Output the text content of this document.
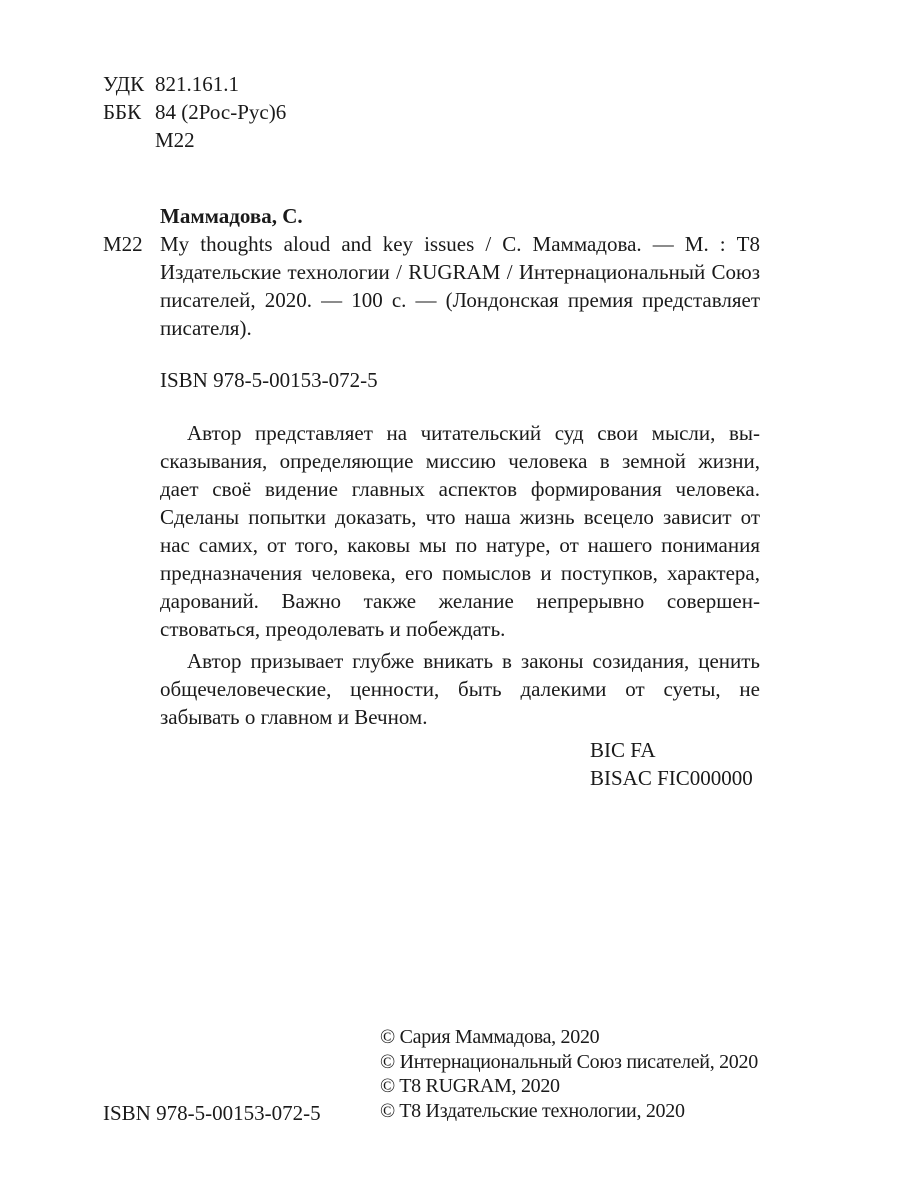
УДК 821.161.1
ББК 84 (2Рос-Рус)6
М22
Маммадова, С.
М22 My thoughts aloud and key issues / С. Маммадова. — М. : T8 Издательские технологии / RUGRAM / Интернациональный Союз писателей, 2020. — 100 с. — (Лондонская премия представляет писателя).
ISBN 978-5-00153-072-5

Автор представляет на читательский суд свои мысли, высказывания, определяющие миссию человека в земной жизни, дает своё видение главных аспектов формирования человека. Сделаны попытки доказать, что наша жизнь всецело зависит от нас самих, от того, каковы мы по натуре, от нашего понимания предназначения человека, его помыслов и поступков, характера, дарований. Важно также желание непрерывно совершенствоваться, преодолевать и побеждать.

Автор призывает глубже вникать в законы созидания, ценить общечеловеческие, ценности, быть далекими от суеты, не забывать о главном и Вечном.

BIC FA
BISAC FIC000000
ISBN 978-5-00153-072-5
© Сария Маммадова, 2020
© Интернациональный Союз писателей, 2020
© T8 RUGRAM, 2020
© T8 Издательские технологии, 2020
